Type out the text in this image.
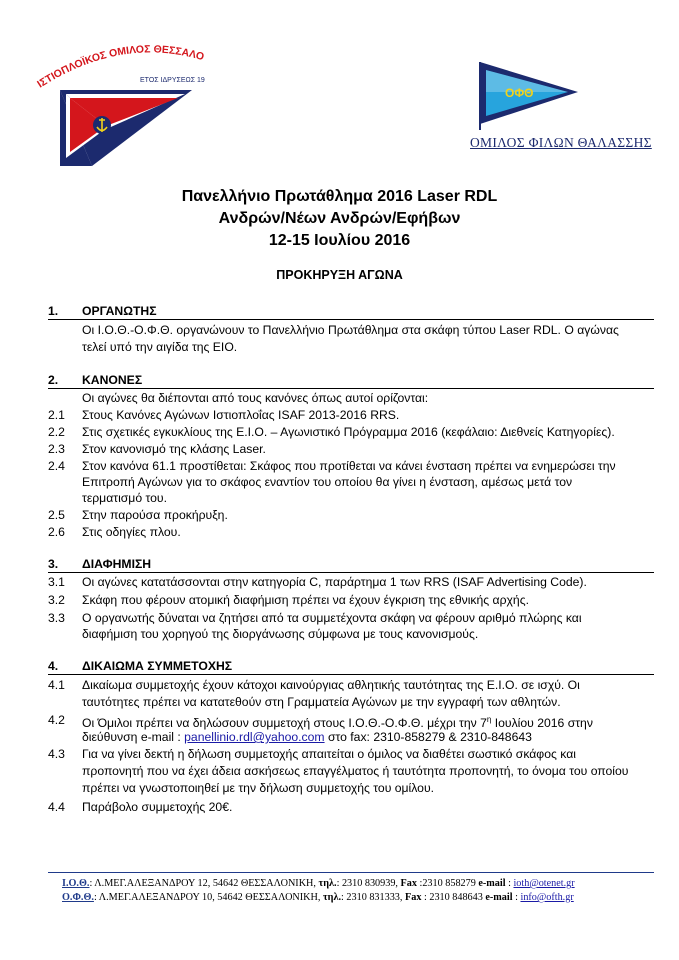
ΙΣΤΙΟΠΛΟΪΚΟΣ ΟΜΙΛΟΣ ΘΕΣΣΑΛΟ
ΕΤΟΣ ΙΔΡΥΣΕΩΣ 19
ΟΦΘ
ΟΜΙΛΟΣ ΦΙΛΩΝ ΘΑΛΑΣΣΗΣ
Πανελλήνιο Πρωτάθλημα 2016 Laser RDL
Ανδρών/Νέων Ανδρών/Εφήβων
12-15 Ιουλίου 2016
ΠΡΟΚΗΡΥΞΗ ΑΓΩΝΑ
1. ΟΡΓΑΝΩΤΗΣ
Οι Ι.Ο.Θ.-Ο.Φ.Θ. οργανώνουν το Πανελλήνιο Πρωτάθλημα στα σκάφη τύπου Laser RDL. Ο αγώνας
τελεί υπό την αιγίδα της ΕΙΟ.
2. ΚΑΝΟΝΕΣ
Οι αγώνες θα διέπονται από τους κανόνες όπως αυτοί ορίζονται:
2.1 Στους Κανόνες Αγώνων Ιστιοπλοΐας ISAF 2013-2016 RRS.
2.2 Στις σχετικές εγκυκλίους της Ε.Ι.Ο. – Αγωνιστικό Πρόγραμμα 2016 (κεφάλαιο: Διεθνείς Κατηγορίες).
2.3 Στον κανονισμό της κλάσης Laser.
2.4 Στον κανόνα 61.1 προστίθεται: Σκάφος που προτίθεται να κάνει ένσταση πρέπει να ενημερώσει την
Επιτροπή Αγώνων για το σκάφος εναντίον του οποίου θα γίνει η ένσταση, αμέσως μετά τον
τερματισμό του.
2.5 Στην παρούσα προκήρυξη.
2.6 Στις οδηγίες πλου.
3. ΔΙΑΦΗΜΙΣΗ
3.1 Οι αγώνες κατατάσσονται στην κατηγορία C, παράρτημα 1 των RRS (ISAF Advertising Code).
3.2 Σκάφη που φέρουν ατομική διαφήμιση πρέπει να έχουν έγκριση της εθνικής αρχής.
3.3 Ο οργανωτής δύναται να ζητήσει από τα συμμετέχοντα σκάφη να φέρουν αριθμό πλώρης και
διαφήμιση του χορηγού της διοργάνωσης σύμφωνα με τους κανονισμούς.
4. ΔΙΚΑΙΩΜΑ ΣΥΜΜΕΤΟΧΗΣ
4.1 Δικαίωμα συμμετοχής έχουν κάτοχοι καινούργιας αθλητικής ταυτότητας της Ε.Ι.Ο. σε ισχύ. Οι
ταυτότητες πρέπει να κατατεθούν στη Γραμματεία Αγώνων με την εγγραφή των αθλητών.
4.2 Οι Όμιλοι πρέπει να δηλώσουν συμμετοχή στους Ι.Ο.Θ.-Ο.Φ.Θ. μέχρι την $7^\eta$ Ιουλίου 2016 στην
διεύθυνση e-mail : panellinio.rdl@yahoo.com στο fax: 2310-858279 & 2310-848643
4.3 Για να γίνει δεκτή η δήλωση συμμετοχής απαιτείται ο όμιλος να διαθέτει σωστικό σκάφος και
προπονητή που να έχει άδεια ασκήσεως επαγγέλματος ή ταυτότητα προπονητή, το όνομα του οποίου
πρέπει να γνωστοποιηθεί με την δήλωση συμμετοχής του ομίλου.
4.4 Παράβολο συμμετοχής 20€.
Ι.Ο.Θ.: Λ.ΜΕΓ.ΑΛΕΞΑΝΔΡΟΥ 12, 54642 ΘΕΣΣΑΛΟΝΙΚΗ, τηλ.: 2310 830939, Fax :2310 858279 e-mail : ioth@otenet.gr
Ο.Φ.Θ.: Λ.ΜΕΓ.ΑΛΕΞΑΝΔΡΟΥ 10, 54642 ΘΕΣΣΑΛΟΝΙΚΗ, τηλ.: 2310 831333, Fax : 2310 848643 e-mail : info@ofth.gr
